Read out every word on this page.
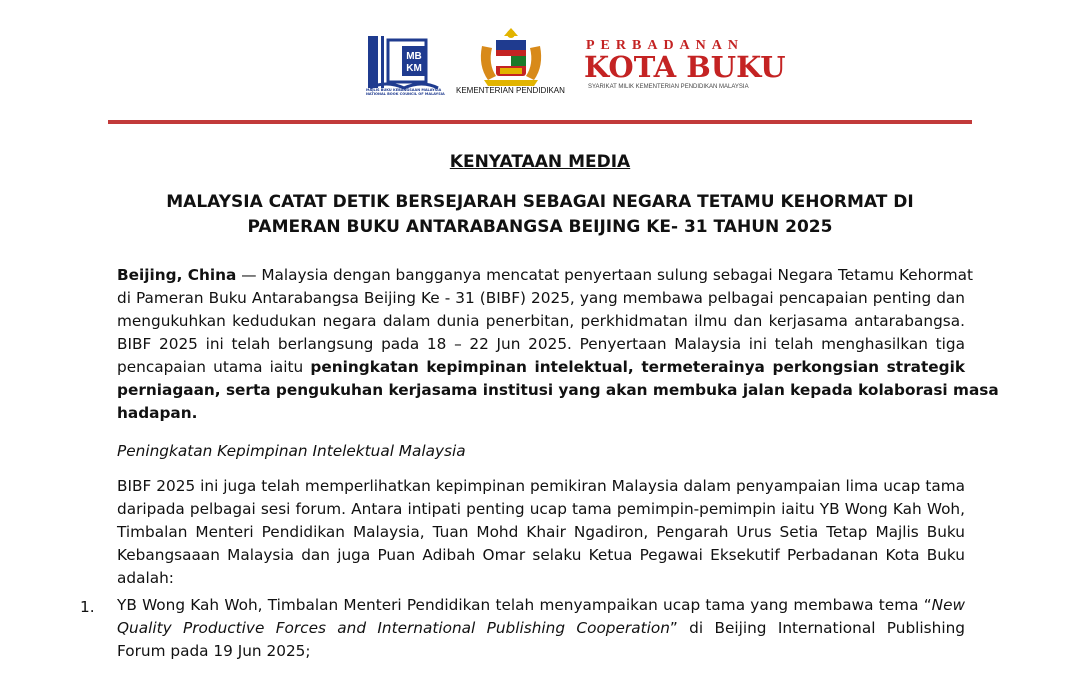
MB
KM
MAJLIS BUKU KEBANGSAAN MALAYSIA NATIONAL BOOK COUNCIL OF MALAYSIA	KEMENTERIAN PENDIDIKAN
PERBADANAN
KOTA BUKU
SYARIKAT MILIK KEMENTERIAN PENDIDIKAN MALAYSIA
KENYATAAN MEDIA
MALAYSIA CATAT DETIK BERSEJARAH SEBAGAI NEGARA TETAMU KEHORMAT DI
PAMERAN BUKU ANTARABANGSA BEIJING KE- 31 TAHUN 2025
Beijing, China — Malaysia dengan bangganya mencatat penyertaan sulung sebagai Negara Tetamu Kehormat
di Pameran Buku Antarabangsa Beijing Ke - 31 (BIBF) 2025, yang membawa pelbagai pencapaian penting dan
mengukuhkan kedudukan negara dalam dunia penerbitan, perkhidmatan ilmu dan kerjasama antarabangsa.
BIBF 2025 ini telah berlangsung pada 18 – 22 Jun 2025. Penyertaan Malaysia ini telah menghasilkan tiga
pencapaian utama iaitu peningkatan kepimpinan intelektual, termeterainya perkongsian strategik
perniagaan, serta pengukuhan kerjasama institusi yang akan membuka jalan kepada kolaborasi masa
hadapan.
Peningkatan Kepimpinan Intelektual Malaysia
BIBF 2025 ini juga telah memperlihatkan kepimpinan pemikiran Malaysia dalam penyampaian lima ucap tama
daripada pelbagai sesi forum. Antara intipati penting ucap tama pemimpin-pemimpin iaitu YB Wong Kah Woh,
Timbalan Menteri Pendidikan Malaysia, Tuan Mohd Khair Ngadiron, Pengarah Urus Setia Tetap Majlis Buku
Kebangsaaan Malaysia dan juga Puan Adibah Omar selaku Ketua Pegawai Eksekutif Perbadanan Kota Buku
adalah:
1. YB Wong Kah Woh, Timbalan Menteri Pendidikan telah menyampaikan ucap tama yang membawa tema “New
Quality Productive Forces and International Publishing Cooperation” di Beijing International Publishing
Forum pada 19 Jun 2025;
